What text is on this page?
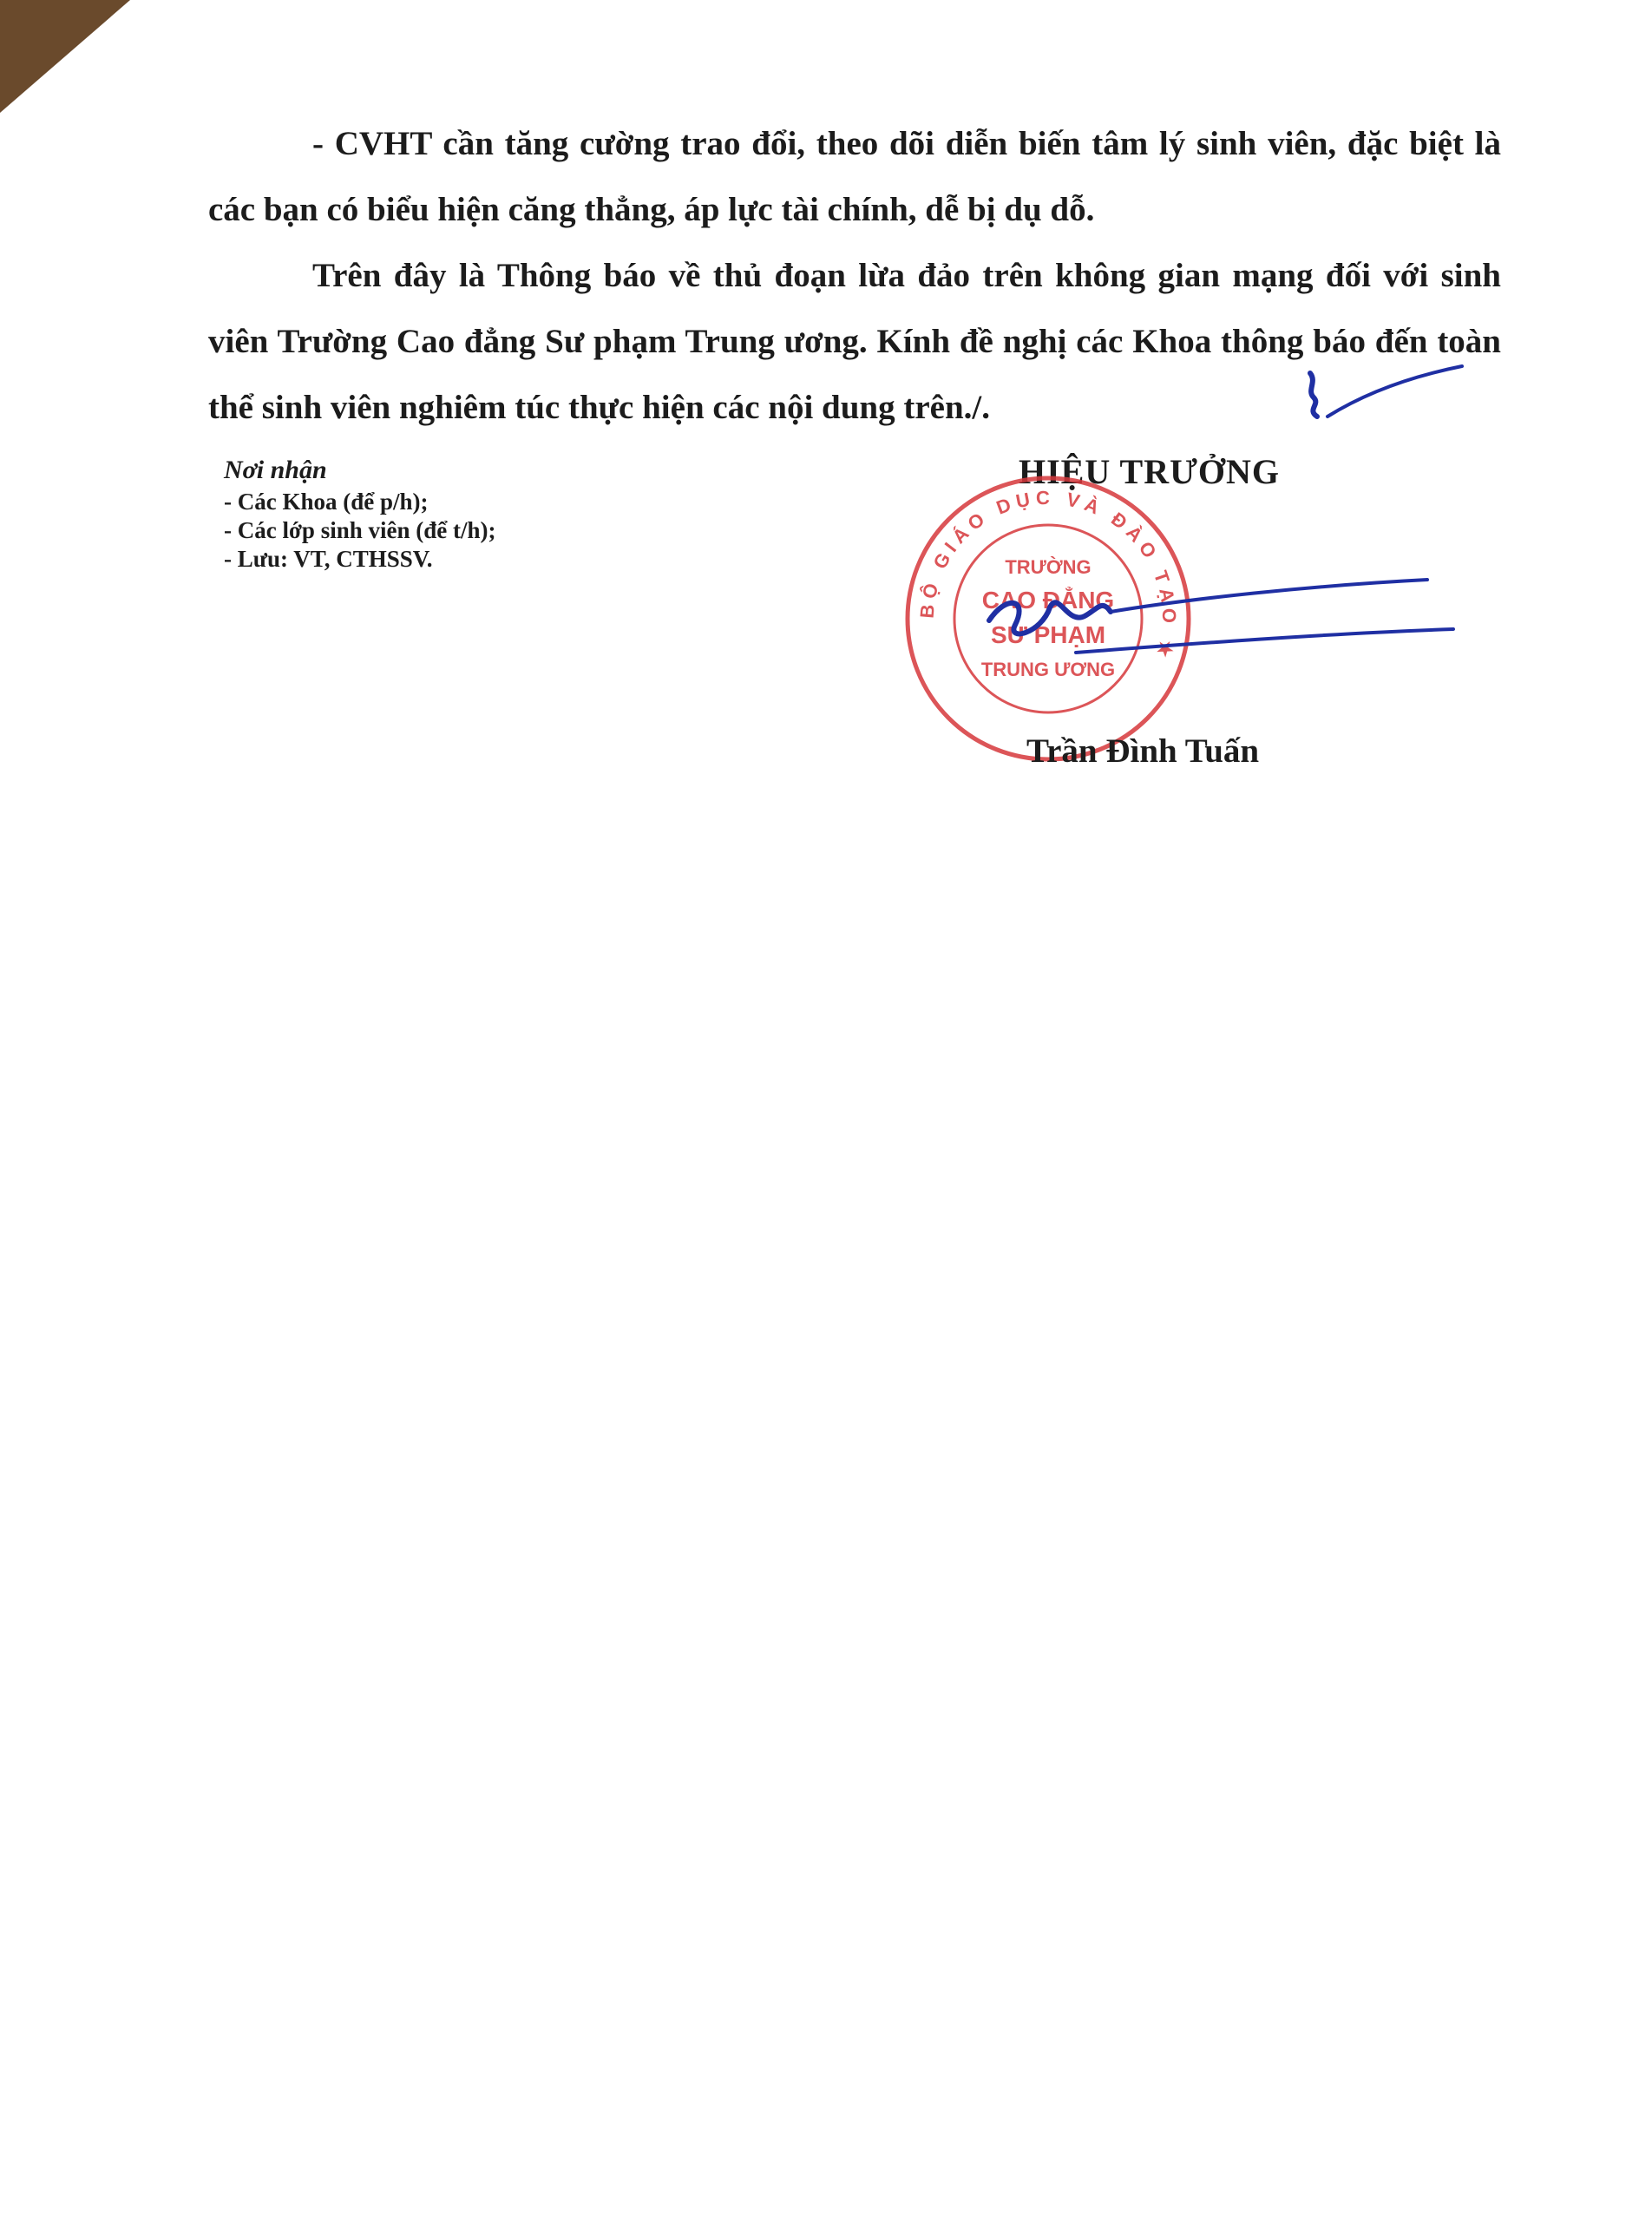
- CVHT cần tăng cường trao đổi, theo dõi diễn biến tâm lý sinh viên, đặc biệt là các bạn có biểu hiện căng thẳng, áp lực tài chính, dễ bị dụ dỗ.

Trên đây là Thông báo về thủ đoạn lừa đảo trên không gian mạng đối với sinh viên Trường Cao đẳng Sư phạm Trung ương. Kính đề nghị các Khoa thông báo đến toàn thể sinh viên nghiêm túc thực hiện các nội dung trên./.

Nơi nhận
- Các Khoa (để p/h);
- Các lớp sinh viên (để t/h);
- Lưu: VT, CTHSSV.
HIỆU TRƯỞNG
BỘ GIÁO DỤC VÀ ĐÀO TẠO ★
TRƯỜNG
CAO ĐẲNG
SƯ PHẠM
TRUNG ƯƠNG
Trần Đình Tuấn
